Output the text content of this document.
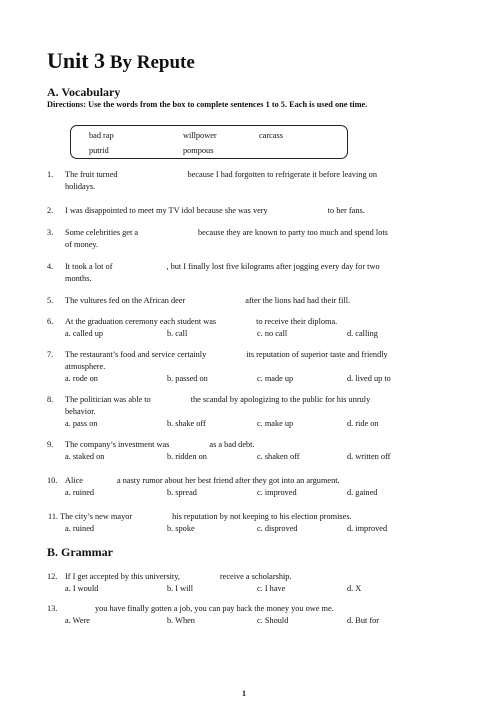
Unit 3 By Repute
A. Vocabulary
Directions: Use the words from the box to complete sentences 1 to 5. Each is used one time.
bad rap	willpower	carcass
putrid	pompous
1. The fruit turned	because I had forgotten to refrigerate it before leaving on
holidays.
2. I was disappointed to meet my TV idol because she was very	to her fans.
3. Some celebrities get a	because they are known to party too much and spend lots
of money.
4. It took a lot of	, but I finally lost five kilograms after jogging every day for two
months.
5. The vultures fed on the African deer	after the lions had had their fill.
6. At the graduation ceremony each student was	to receive their diploma.
a. called up	b. call	c. no call	d. calling
7. The restaurant’s food and service certainly	its reputation of superior taste and friendly
atmosphere.
a. rode on	b. passed on	c. made up	d. lived up to
8. The politician was able to	the scandal by apologizing to the public for his unruly
behavior.
a. pass on	b. shake off	c. make up	d. ride on
9. The company’s investment was	as a bad debt.
a. staked on	b. ridden on	c. shaken off	d. written off
10. Alice	a nasty rumor about her best friend after they got into an argument.
a. ruined	b. spread	c. improved	d. gained
11. The city’s new mayor	his reputation by not keeping to his election promises.
a. ruined	b. spoke	c. disproved	d. improved
B. Grammar
12. If I get accepted by this university,	receive a scholarship.
a. I would	b. I will	c. I have	d. X
13.	you have finally gotten a job, you can pay back the money you owe me.
a. Were	b. When	c. Should	d. But for
1
